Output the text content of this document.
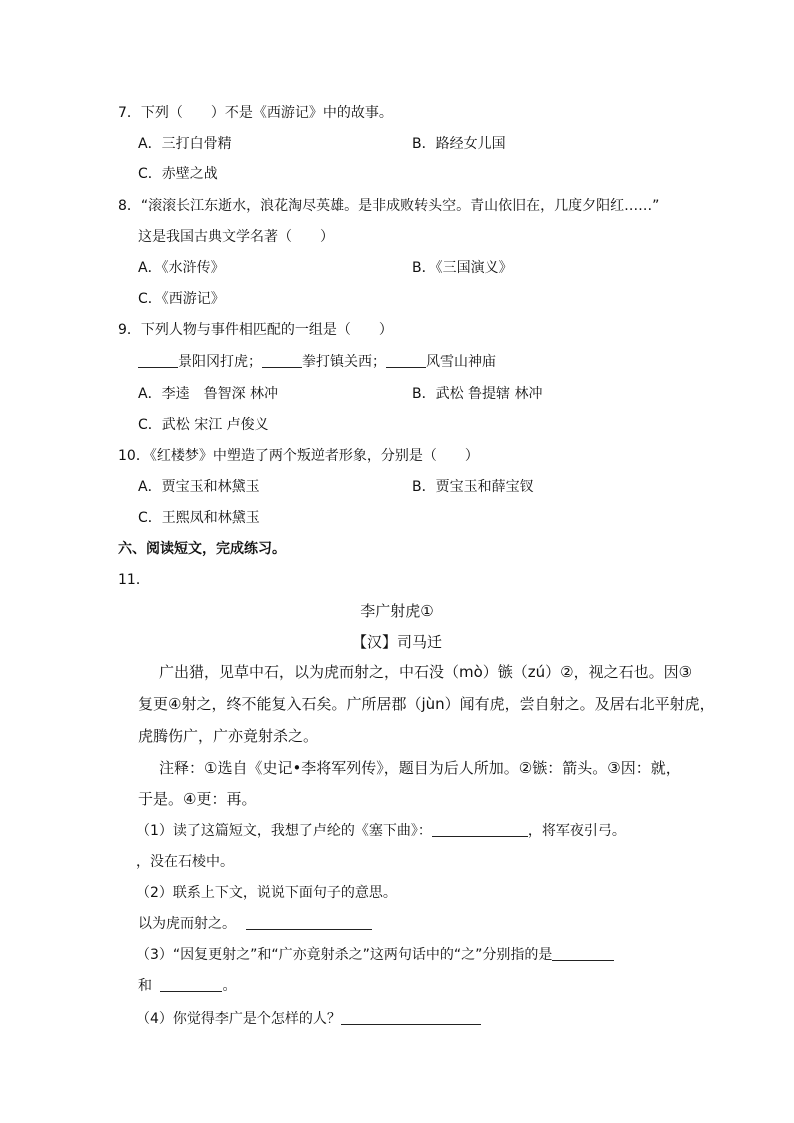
7．下列（　　）不是《西游记》中的故事。
A．三打白骨精	B．路经女儿国
C．赤壁之战
8．“滚滚长江东逝水，浪花淘尽英雄。是非成败转头空。青山依旧在，几度夕阳红……”
这是我国古典文学名著（　　）
A．《水浒传》	B．《三国演义》
C．《西游记》
9．下列人物与事件相匹配的一组是（　　）
景阳冈打虎；	拳打镇关西；	风雪山神庙
A．李逵　鲁智深 林冲	B．武松 鲁提辖 林冲
C．武松 宋江 卢俊义
10．《红楼梦》中塑造了两个叛逆者形象，分别是（　　）
A．贾宝玉和林黛玉	B．贾宝玉和薛宝钗
C．王熙凤和林黛玉
六、阅读短文，完成练习。
11．
李广射虎①
【汉】司马迁
广出猎，见草中石，以为虎而射之，中石没（mò）镞（zú）②，视之石也。因③
复更④射之，终不能复入石矣。广所居郡（jùn）闻有虎，尝自射之。及居右北平射虎，
虎腾伤广，广亦竟射杀之。
注释：①选自《史记•李将军列传》，题目为后人所加。②镞：箭头。③因：就，
于是。④更：再。
（1）读了这篇短文，我想了卢纶的《塞下曲》：	，将军夜引弓。
，没在石棱中。
（2）联系上下文，说说下面句子的意思。
以为虎而射之。
（3）“因复更射之”和“广亦竟射杀之”这两句话中的“之”分别指的是
和	。
（4）你觉得李广是个怎样的人？
